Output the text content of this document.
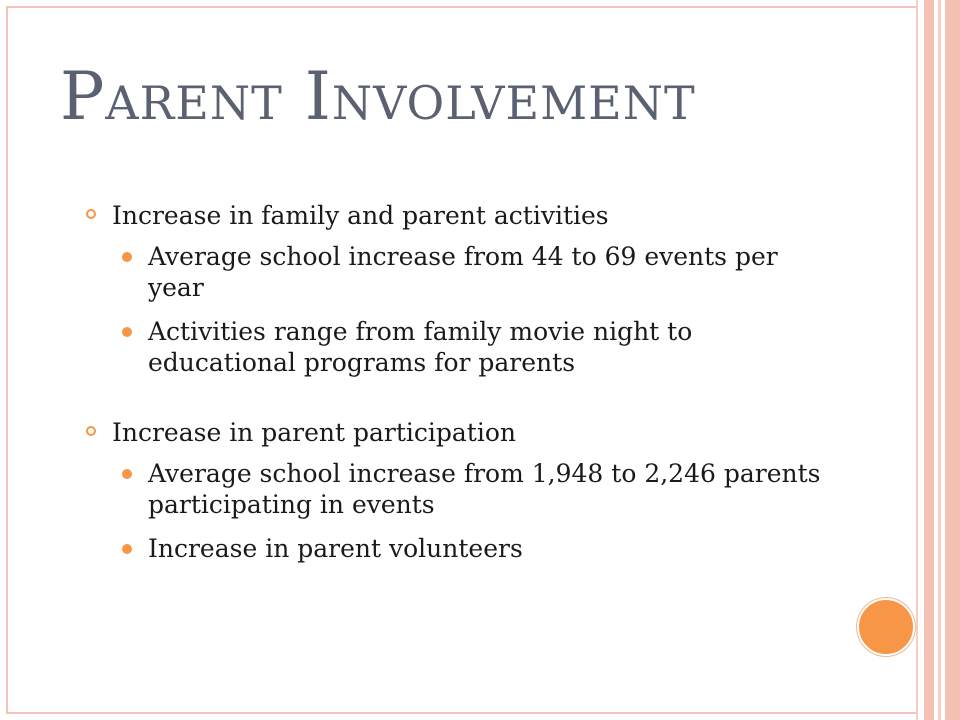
Parent Involvement
Increase in family and parent activities
Average school increase from 44 to 69 events per year
Activities range from family movie night to educational programs for parents
Increase in parent participation
Average school increase from 1,948 to 2,246 parents participating in events
Increase in parent volunteers
